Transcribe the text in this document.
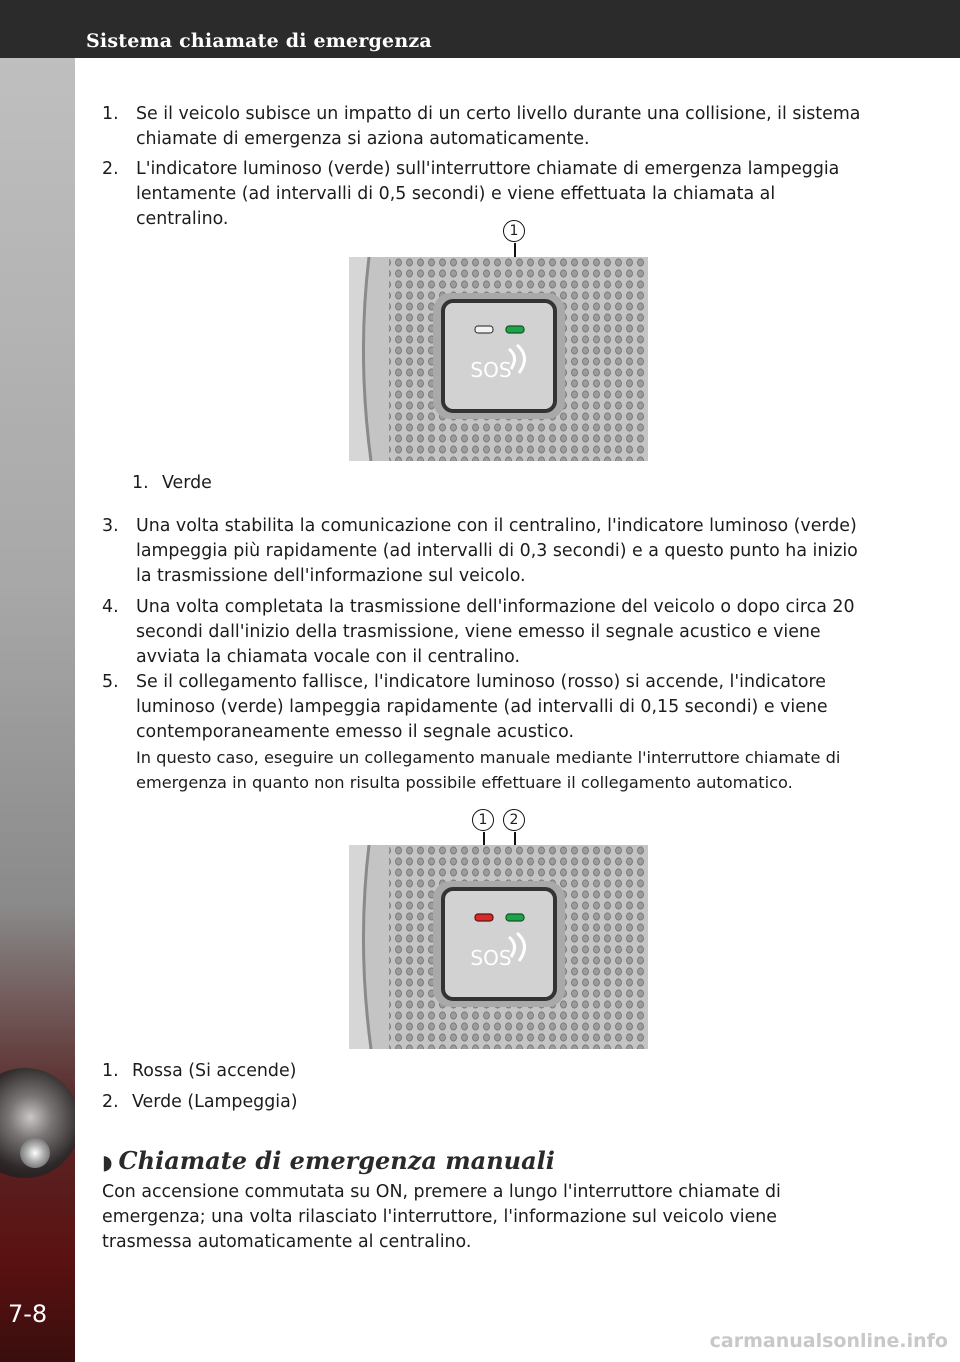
Sistema chiamate di emergenza
7-8
1. Se il veicolo subisce un impatto di un certo livello durante una collisione, il sistema chiamate di emergenza si aziona automaticamente.
2. L'indicatore luminoso (verde) sull'interruttore chiamate di emergenza lampeggia lentamente (ad intervalli di 0,5 secondi) e viene effettuata la chiamata al centralino.
1
SOS
1. Verde
3. Una volta stabilita la comunicazione con il centralino, l'indicatore luminoso (verde) lampeggia più rapidamente (ad intervalli di 0,3 secondi) e a questo punto ha inizio la trasmissione dell'informazione sul veicolo.
4. Una volta completata la trasmissione dell'informazione del veicolo o dopo circa 20 secondi dall'inizio della trasmissione, viene emesso il segnale acustico e viene avviata la chiamata vocale con il centralino.
5. Se il collegamento fallisce, l'indicatore luminoso (rosso) si accende, l'indicatore luminoso (verde) lampeggia rapidamente (ad intervalli di 0,15 secondi) e viene contemporaneamente emesso il segnale acustico.
In questo caso, eseguire un collegamento manuale mediante l'interruttore chiamate di emergenza in quanto non risulta possibile effettuare il collegamento automatico.
1	2
SOS
1. Rossa (Si accende)
2. Verde (Lampeggia)
◗ Chiamate di emergenza manuali
Con accensione commutata su ON, premere a lungo l'interruttore chiamate di emergenza; una volta rilasciato l'interruttore, l'informazione sul veicolo viene trasmessa automaticamente al centralino.
carmanualsonline.info
